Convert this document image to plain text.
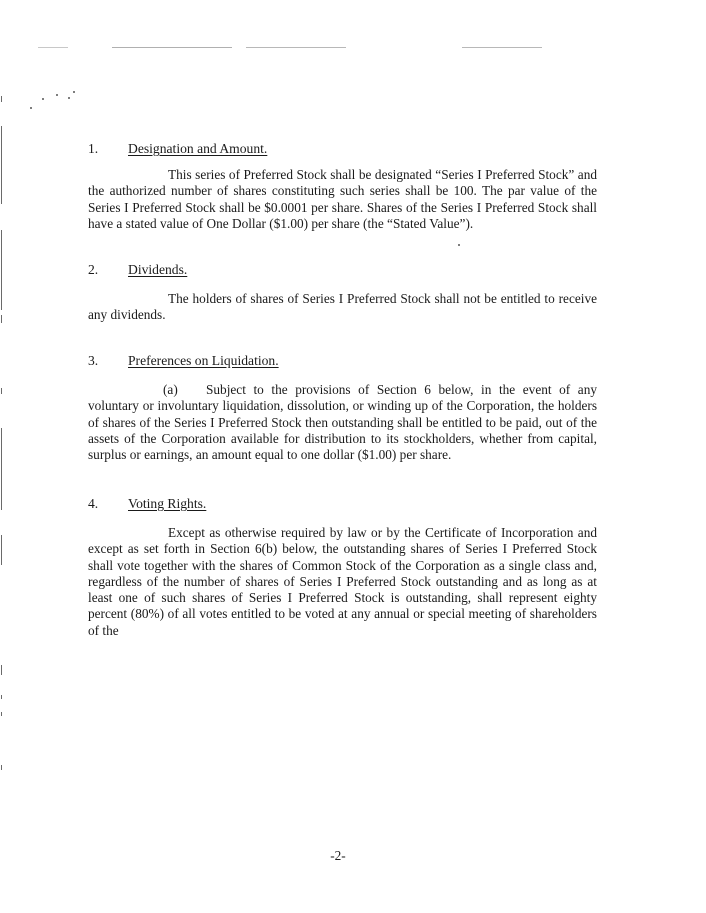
1. Designation and Amount.
This series of Preferred Stock shall be designated “Series I Preferred Stock” and the authorized number of shares constituting such series shall be 100. The par value of the Series I Preferred Stock shall be $0.0001 per share. Shares of the Series I Preferred Stock shall have a stated value of One Dollar ($1.00) per share (the “Stated Value”).
2. Dividends.
The holders of shares of Series I Preferred Stock shall not be entitled to receive any dividends.
3. Preferences on Liquidation.
(a) Subject to the provisions of Section 6 below, in the event of any voluntary or involuntary liquidation, dissolution, or winding up of the Corporation, the holders of shares of the Series I Preferred Stock then outstanding shall be entitled to be paid, out of the assets of the Corporation available for distribution to its stockholders, whether from capital, surplus or earnings, an amount equal to one dollar ($1.00) per share.
4. Voting Rights.
Except as otherwise required by law or by the Certificate of Incorporation and except as set forth in Section 6(b) below, the outstanding shares of Series I Preferred Stock shall vote together with the shares of Common Stock of the Corporation as a single class and, regardless of the number of shares of Series I Preferred Stock outstanding and as long as at least one of such shares of Series I Preferred Stock is outstanding, shall represent eighty percent (80%) of all votes entitled to be voted at any annual or special meeting of shareholders of the
-2-
